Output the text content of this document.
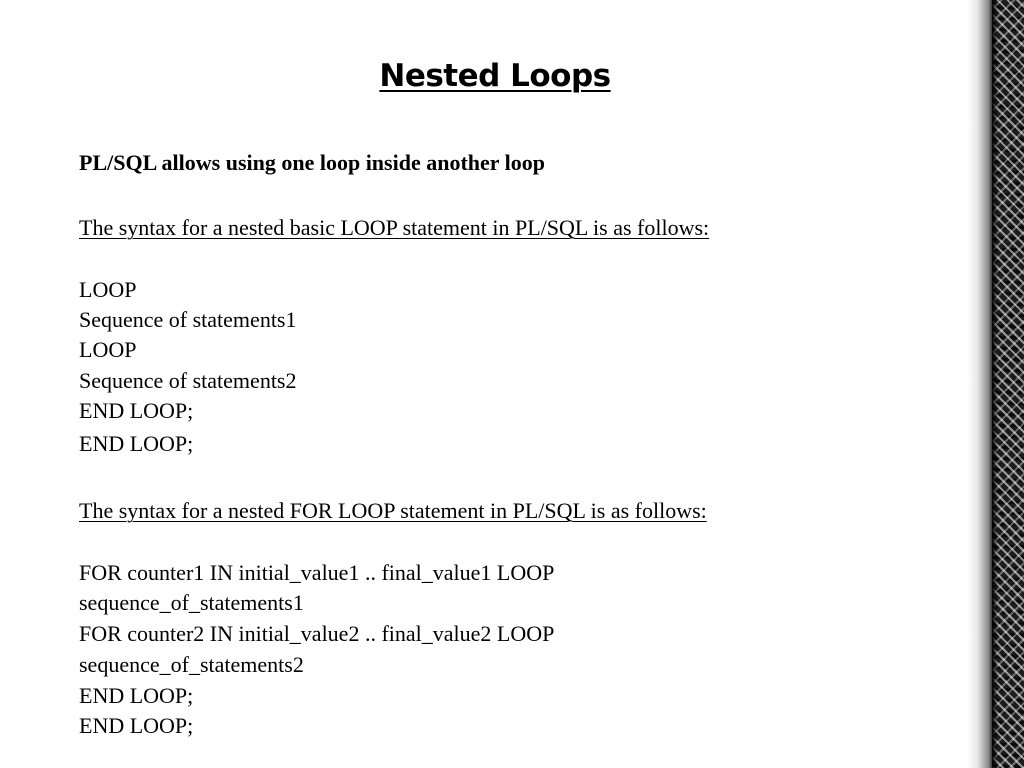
Nested Loops
PL/SQL allows using one loop inside another loop
The syntax for a nested basic LOOP statement in PL/SQL is as follows:
LOOP
Sequence of statements1
LOOP
Sequence of statements2
END LOOP;
END LOOP;
The syntax for a nested FOR LOOP statement in PL/SQL is as follows:
FOR counter1 IN initial_value1 .. final_value1 LOOP
sequence_of_statements1
FOR counter2 IN initial_value2 .. final_value2 LOOP
sequence_of_statements2
END LOOP;
END LOOP;
